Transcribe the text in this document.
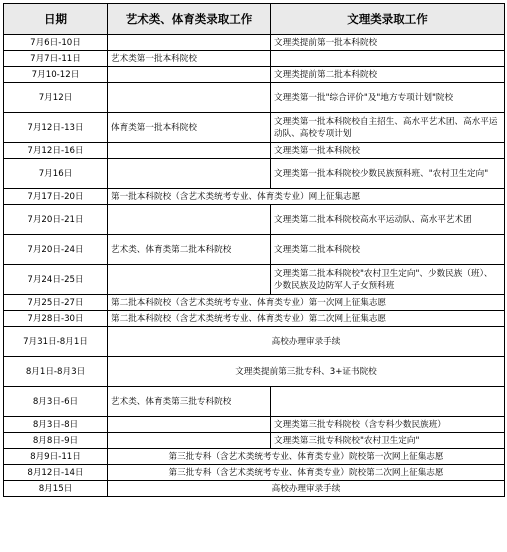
日期	艺术类、体育类录取工作	文理类录取工作
7月6日-10日		文理类提前第一批本科院校
7月7日-11日	艺术类第一批本科院校	
7月10-12日		文理类提前第二批本科院校
7月12日		文理类第一批"综合评价"及"地方专项计划"院校
7月12日-13日	体育类第一批本科院校	文理类第一批本科院校自主招生、高水平艺术团、高水平运动队、高校专项计划
7月12日-16日		文理类第一批本科院校
7月16日		文理类第一批本科院校少数民族预科班、"农村卫生定向"
7月17日-20日	第一批本科院校（含艺术类统考专业、体育类专业）网上征集志愿	
7月20日-21日		文理类第二批本科院校高水平运动队、高水平艺术团
7月20日-24日	艺术类、体育类第二批本科院校	文理类第二批本科院校
7月24日-25日		文理类第二批本科院校"农村卫生定向"、少数民族（班）、少数民族及边防军人子女预科班
7月25日-27日	第二批本科院校（含艺术类统考专业、体育类专业）第一次网上征集志愿	
7月28日-30日	第二批本科院校（含艺术类统考专业、体育类专业）第二次网上征集志愿	
7月31日-8月1日	高校办理审录手续	
8月1日-8月3日	文理类提前第三批专科、3+证书院校	
8月3日-6日	艺术类、体育类第三批专科院校	
8月3日-8日		文理类第三批专科院校（含专科少数民族班）
8月8日-9日		文理类第三批专科院校"农村卫生定向"
8月9日-11日	第三批专科（含艺术类统考专业、体育类专业）院校第一次网上征集志愿	
8月12日-14日	第三批专科（含艺术类统考专业、体育类专业）院校第二次网上征集志愿	
8月15日	高校办理审录手续	
